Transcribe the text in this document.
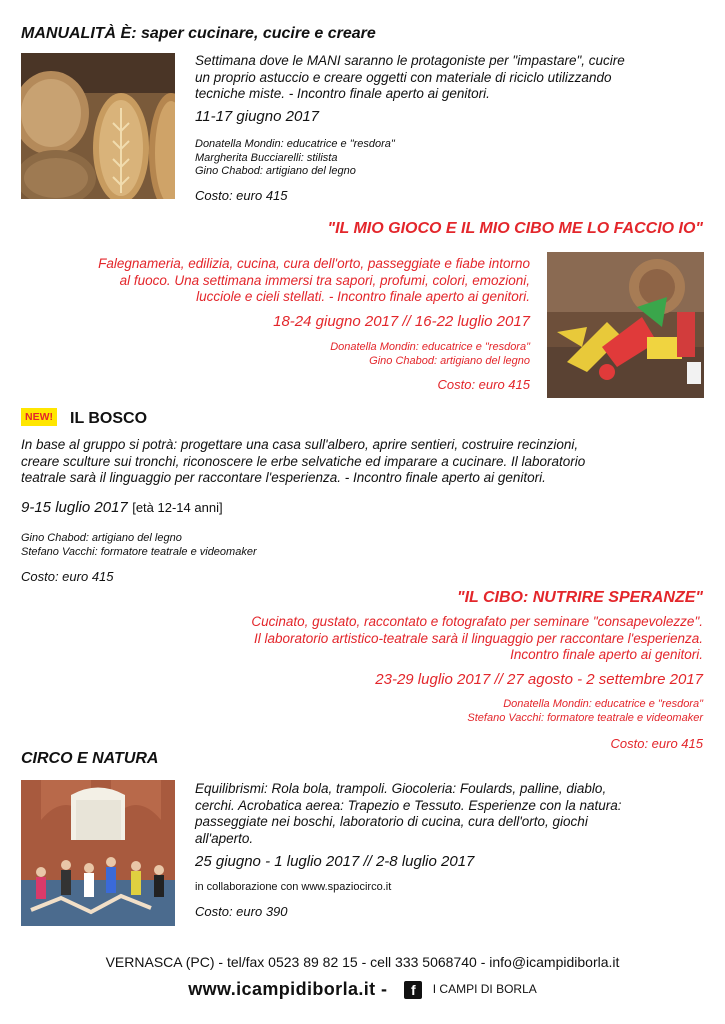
MANUALITÀ È: saper cucinare, cucire e creare
Settimana dove le MANI saranno le protagoniste per "impastare", cucire
un proprio astuccio e creare oggetti con materiale di riciclo utilizzando
tecniche miste. - Incontro finale aperto ai genitori.
11-17 giugno 2017
Donatella Mondin: educatrice e "resdora"
Margherita Bucciarelli: stilista
Gino Chabod: artigiano del legno
Costo: euro 415
"IL MIO GIOCO E IL MIO CIBO ME LO FACCIO IO"
Falegnameria, edilizia, cucina, cura dell'orto, passeggiate e fiabe intorno
al fuoco. Una settimana immersi tra sapori, profumi, colori, emozioni,
lucciole e cieli stellati. - Incontro finale aperto ai genitori.
18-24 giugno 2017 // 16-22 luglio 2017
Donatella Mondin: educatrice e "resdora"
Gino Chabod: artigiano del legno
Costo: euro 415
NEW! IL BOSCO
In base al gruppo si potrà: progettare una casa sull'albero, aprire sentieri, costruire recinzioni,
creare sculture sui tronchi, riconoscere le erbe selvatiche ed imparare a cucinare. Il laboratorio
teatrale sarà il linguaggio per raccontare l'esperienza. - Incontro finale aperto ai genitori.
9-15 luglio 2017 [età 12-14 anni]
Gino Chabod: artigiano del legno
Stefano Vacchi: formatore teatrale e videomaker
Costo: euro 415
"IL CIBO: NUTRIRE SPERANZE"
Cucinato, gustato, raccontato e fotografato per seminare "consapevolezze".
Il laboratorio artistico-teatrale sarà il linguaggio per raccontare l'esperienza.
Incontro finale aperto ai genitori.
23-29 luglio 2017 // 27 agosto - 2 settembre 2017
Donatella Mondin: educatrice e "resdora"
Stefano Vacchi: formatore teatrale e videomaker
Costo: euro 415
CIRCO E NATURA
Equilibrismi: Rola bola, trampoli. Giocoleria: Foulards, palline, diablo,
cerchi. Acrobatica aerea: Trapezio e Tessuto. Esperienze con la natura:
passeggiate nei boschi, laboratorio di cucina, cura dell'orto, giochi
all'aperto.
25 giugno - 1 luglio 2017 // 2-8 luglio 2017
in collaborazione con www.spaziocirco.it
Costo: euro 390
VERNASCA (PC) - tel/fax 0523 89 82 15 - cell 333 5068740 - info@icampidiborla.it
www.icampidiborla.it - f I CAMPI DI BORLA
